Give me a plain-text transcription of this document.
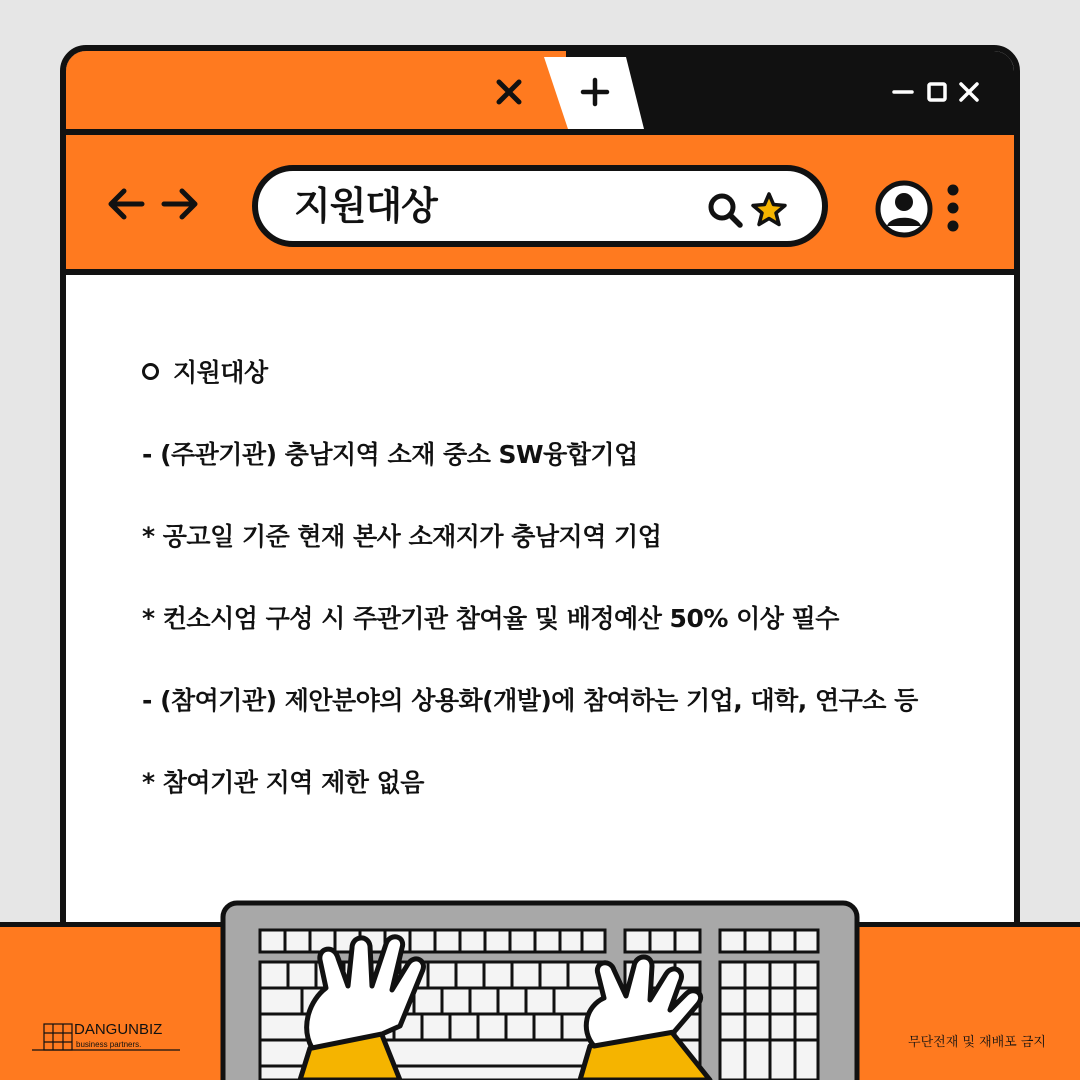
지원대상
지원대상
- (주관기관) 충남지역 소재 중소 SW융합기업
* 공고일 기준 현재 본사 소재지가 충남지역 기업
* 컨소시엄 구성 시 주관기관 참여율 및 배정예산 50% 이상 필수
- (참여기관) 제안분야의 상용화(개발)에 참여하는 기업, 대학, 연구소 등
* 참여기관 지역 제한 없음
DANGUNBIZ
business partners.	무단전재 및 재배포 금지
